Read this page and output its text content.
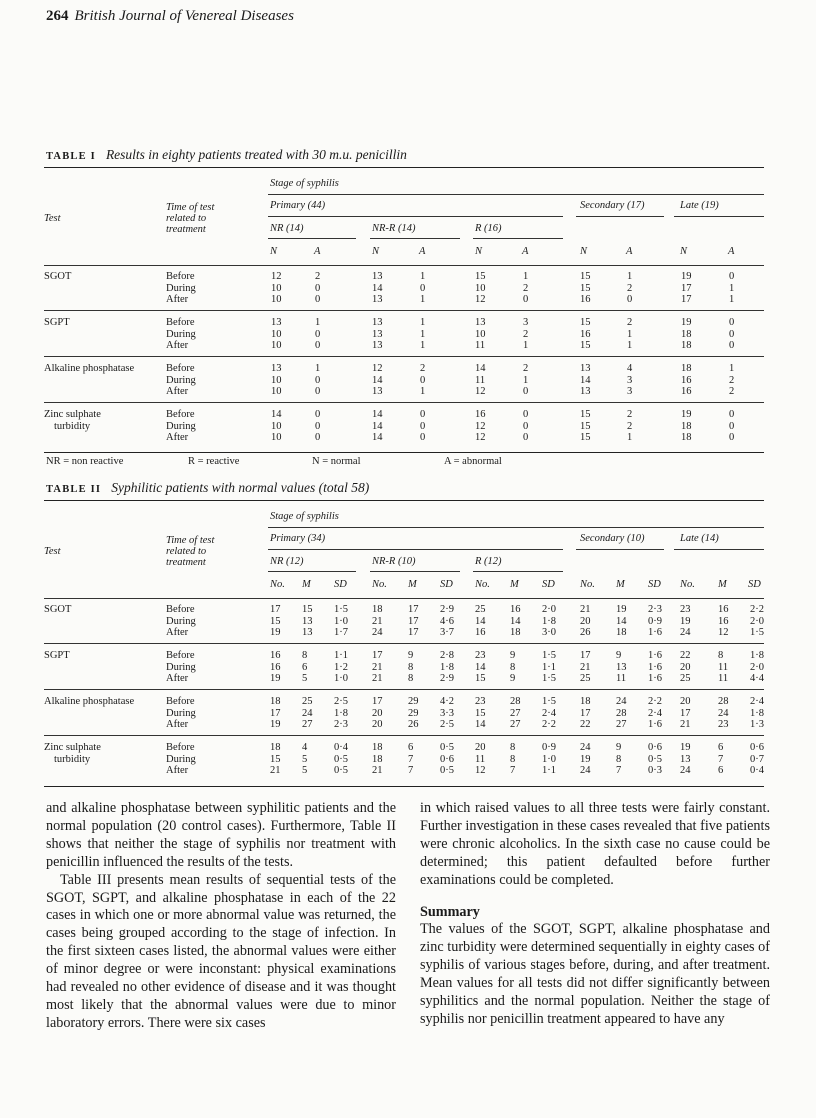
264 British Journal of Venereal Diseases
TABLE I Results in eighty patients treated with 30 m.u. penicillin
Stage of syphilis
Test
Time of test
related to
treatment
Primary (44)	Secondary (17)	Late (19)
NR (14)	NR-R (14)	R (16)
N	A	N	A	N	A	N	A	N	A
SGOT	Before	12	2	13	1	15	1	15	1	19	0
During	10	0	14	0	10	2	15	2	17	1
After	10	0	13	1	12	0	16	0	17	1
SGPT	Before	13	1	13	1	13	3	15	2	19	0
During	10	0	13	1	10	2	16	1	18	0
After	10	0	13	1	11	1	15	1	18	0
Alkaline phosphatase	Before	13	1	12	2	14	2	13	4	18	1
During	10	0	14	0	11	1	14	3	16	2
After	10	0	13	1	12	0	13	3	16	2
Zinc sulphate
turbidity
Before	14	0	14	0	16	0	15	2	19	0
During	10	0	14	0	12	0	15	2	18	0
After	10	0	14	0	12	0	15	1	18	0
NR = non reactive	R = reactive	N = normal	A = abnormal
TABLE II Syphilitic patients with normal values (total 58)
Stage of syphilis
Test
Time of test
related to
treatment
Primary (34)	Secondary (10)	Late (14)
NR (12)	NR-R (10)	R (12)
No. M SD No. M SD No. M SD No. M SD No. M SD
SGOT	Before	17 15 1·5 18 17 2·9 25 16 2·0 21 19 2·3 23	16 2·2
During	15 13 1·0 21 17 4·6 14 14 1·8 20 14 0·9 19	16 2·0
After	19 13 1·7 24 17 3·7 16 18 3·0 26 18 1·6 24	12 1·5
SGPT	Before	16 8	1·1 17 9	2·8 23 9	1·5 17 9	1·6 22	8	1·8
During	16 6	1·2 21 8	1·8 14 8	1·1 21 13 1·6 20	11 2·0
After	19 5	1·0 21 8	2·9 15 9	1·5 25 11 1·6 25	11 4·4
Alkaline phosphatase	Before	18 25 2·5 17 29 4·2 23 28 1·5 18 24 2·2 20	28 2·4
During	17 24 1·8 20 29 3·3 15 27 2·4 17 28 2·4 17	24 1·8
After	19 27 2·3 20 26 2·5 14 27 2·2 22 27 1·6 21	23 1·3
Zinc sulphate
turbidity
Before	18 4	0·4 18 6	0·5 20 8	0·9 24 9	0·6 19	6	0·6
During	15 5	0·5 18 7	0·6 11 8	1·0 19 8	0·5 13	7	0·7
After	21 5	0·5 21 7	0·5 12 7	1·1 24 7	0·3 24	6	0·4

and alkaline phosphatase between syphilitic patients and the normal population (20 control cases). Furthermore, Table II shows that neither the stage of syphilis nor treatment with penicillin influenced the results of the tests.

Table III presents mean results of sequential tests of the SGOT, SGPT, and alkaline phosphatase in each of the 22 cases in which one or more abnormal value was returned, the cases being grouped according to the stage of infection. In the first sixteen cases listed, the abnormal values were either of minor degree or were inconstant: physical examinations had revealed no other evidence of disease and it was thought most likely that the abnormal values were due to minor laboratory errors. There were six cases

in which raised values to all three tests were fairly constant. Further investigation in these cases revealed that five patients were chronic alcoholics. In the sixth case no cause could be determined; this patient defaulted before further examinations could be completed.

Summary

The values of the SGOT, SGPT, alkaline phosphatase and zinc turbidity were determined sequentially in eighty cases of syphilis of various stages before, during, and after treatment. Mean values for all tests did not differ significantly between syphilitics and the normal population. Neither the stage of syphilis nor penicillin treatment appeared to have any
